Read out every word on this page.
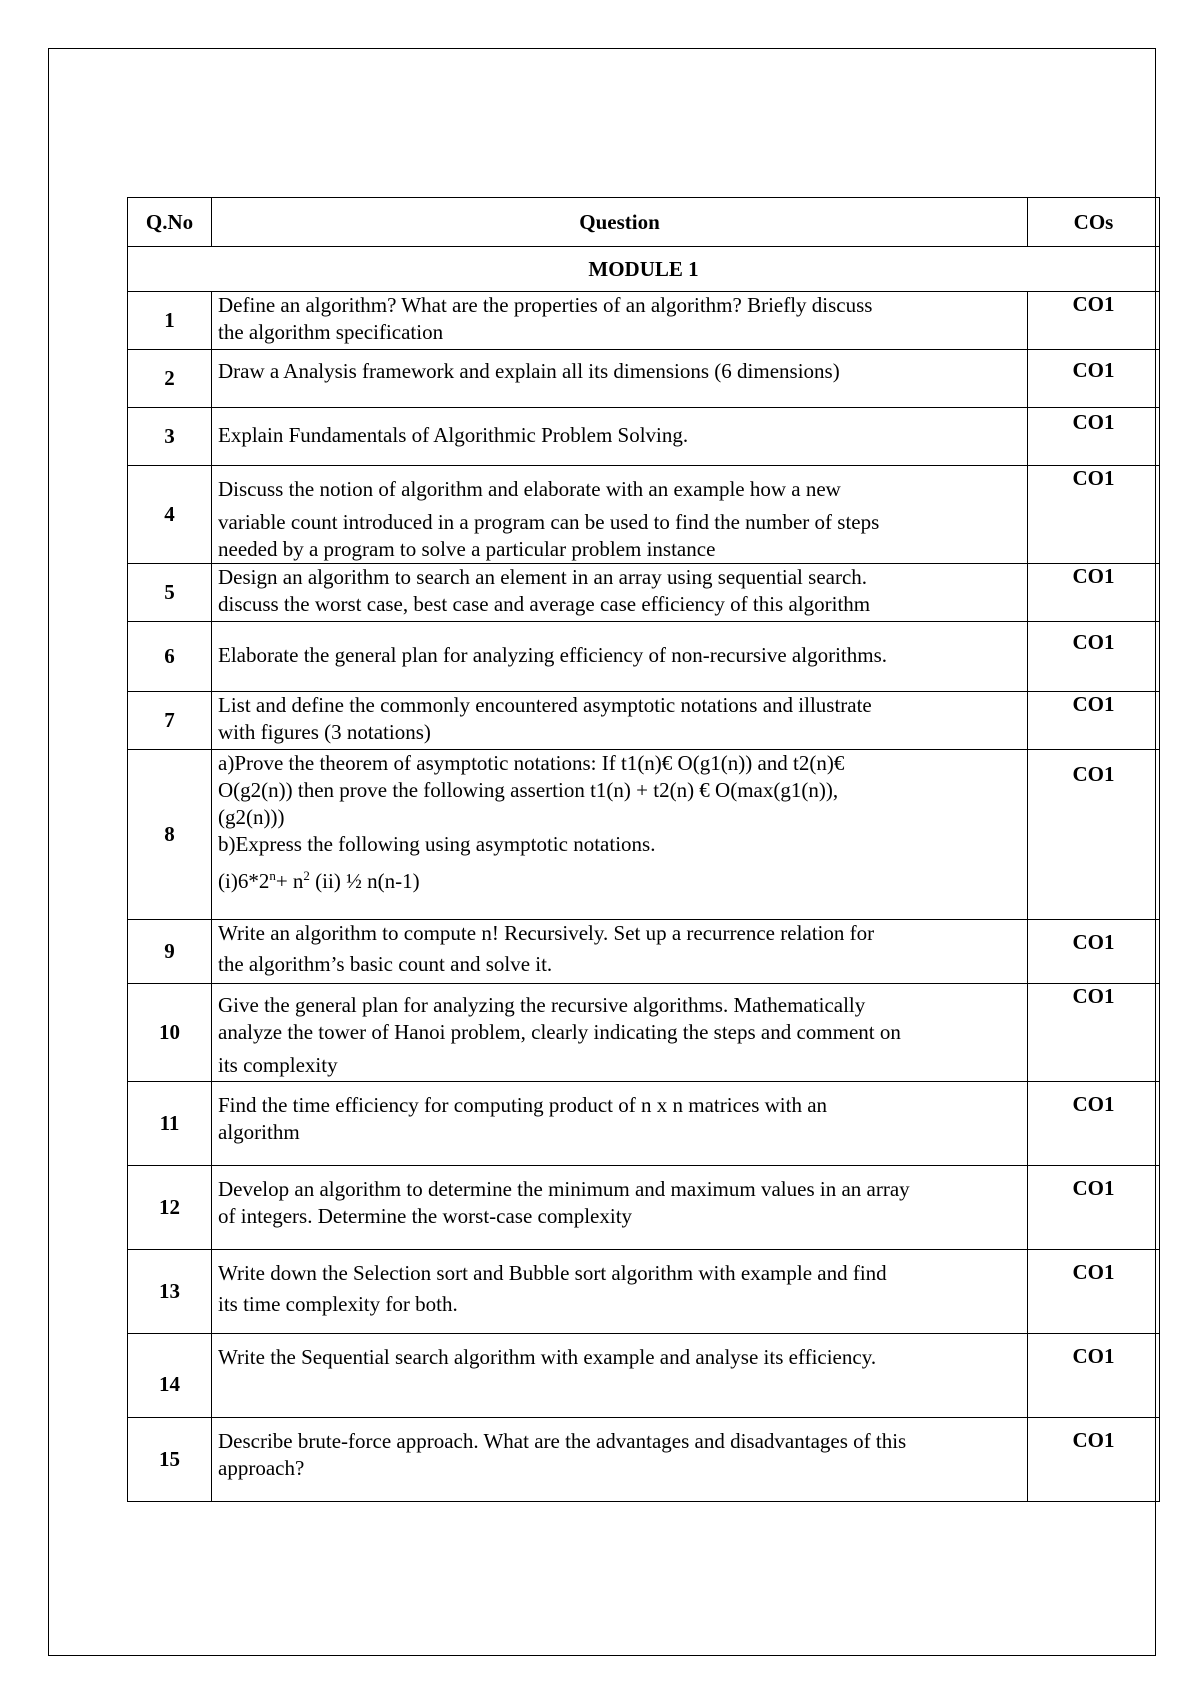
Q.No	Question	COs
MODULE 1		
1	Define an algorithm? What are the properties of an algorithm? Briefly discuss
the algorithm specification	CO1
2	Draw a Analysis framework and explain all its dimensions (6 dimensions)	CO1
3	Explain Fundamentals of Algorithmic Problem Solving.	CO1
4	Discuss the notion of algorithm and elaborate with an example how a new
variable count introduced in a program can be used to find the number of steps
needed by a program to solve a particular problem instance	CO1
5	Design an algorithm to search an element in an array using sequential search.
discuss the worst case, best case and average case efficiency of this algorithm	CO1
6	Elaborate the general plan for analyzing efficiency of non-recursive algorithms.	CO1
7	List and define the commonly encountered asymptotic notations and illustrate
with figures (3 notations)	CO1
8	a)Prove the theorem of asymptotic notations: If t1(n)€ O(g1(n)) and t2(n)€
O(g2(n)) then prove the following assertion t1(n) + t2(n) € O(max(g1(n)),
(g2(n)))
b)Express the following using asymptotic notations.
$(i)6*2^n+ n^2$ (ii) ½ n(n-1)	CO1
9	Write an algorithm to compute n! Recursively. Set up a recurrence relation for
the algorithm’s basic count and solve it.	CO1
10	Give the general plan for analyzing the recursive algorithms. Mathematically
analyze the tower of Hanoi problem, clearly indicating the steps and comment on
its complexity	CO1
11	Find the time efficiency for computing product of n x n matrices with an
algorithm	CO1
12	Develop an algorithm to determine the minimum and maximum values in an array
of integers. Determine the worst-case complexity	CO1
13	Write down the Selection sort and Bubble sort algorithm with example and find
its time complexity for both.	CO1
14	Write the Sequential search algorithm with example and analyse its efficiency.	CO1
15	Describe brute-force approach. What are the advantages and disadvantages of this
approach?	CO1
